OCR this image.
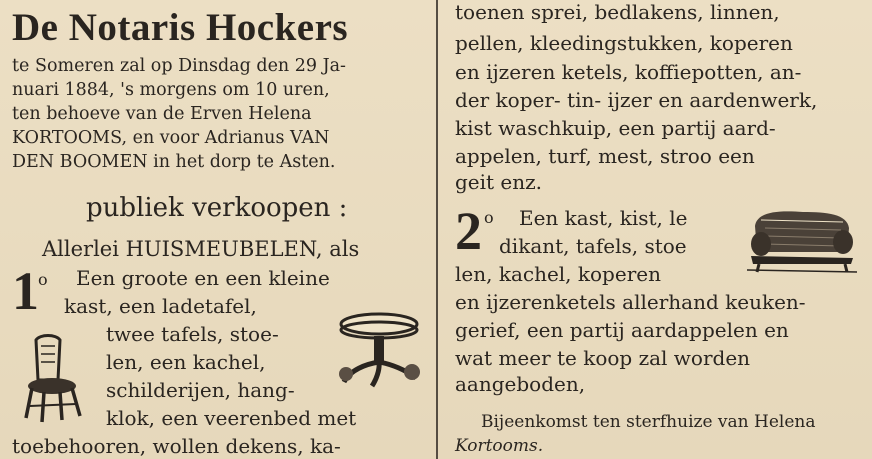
De Notaris Hockers
te Someren zal op Dinsdag den 29 Ja-
nuari 1884, 's morgens om 10 uren,
ten behoeve van de Erven Helena
KORTOOMS, en voor Adrianus VAN
DEN BOOMEN in het dorp te Asten.
publiek verkoopen :
Allerlei HUISMEUBELEN, als
1 o Een groote en een kleine
kast, een ladetafel,
twee tafels, stoe-
len, een kachel,
schilderijen, hang-
klok, een veerenbed met
toebehooren, wollen dekens, ka-
toenen sprei, bedlakens, linnen,
pellen, kleedingstukken, koperen
en ijzeren ketels, koffiepotten, an-
der koper- tin- ijzer en aardenwerk,
kist waschkuip, een partij aard-
appelen, turf, mest, stroo een
geit enz.
2 o Een kast, kist, le
dikant, tafels, stoe
len, kachel, koperen
en ijzerenketels allerhand keuken-
gerief, een partij aardappelen en
wat meer te koop zal worden
aangeboden,
Bijeenkomst ten sterfhuize van Helena
Kortooms.
